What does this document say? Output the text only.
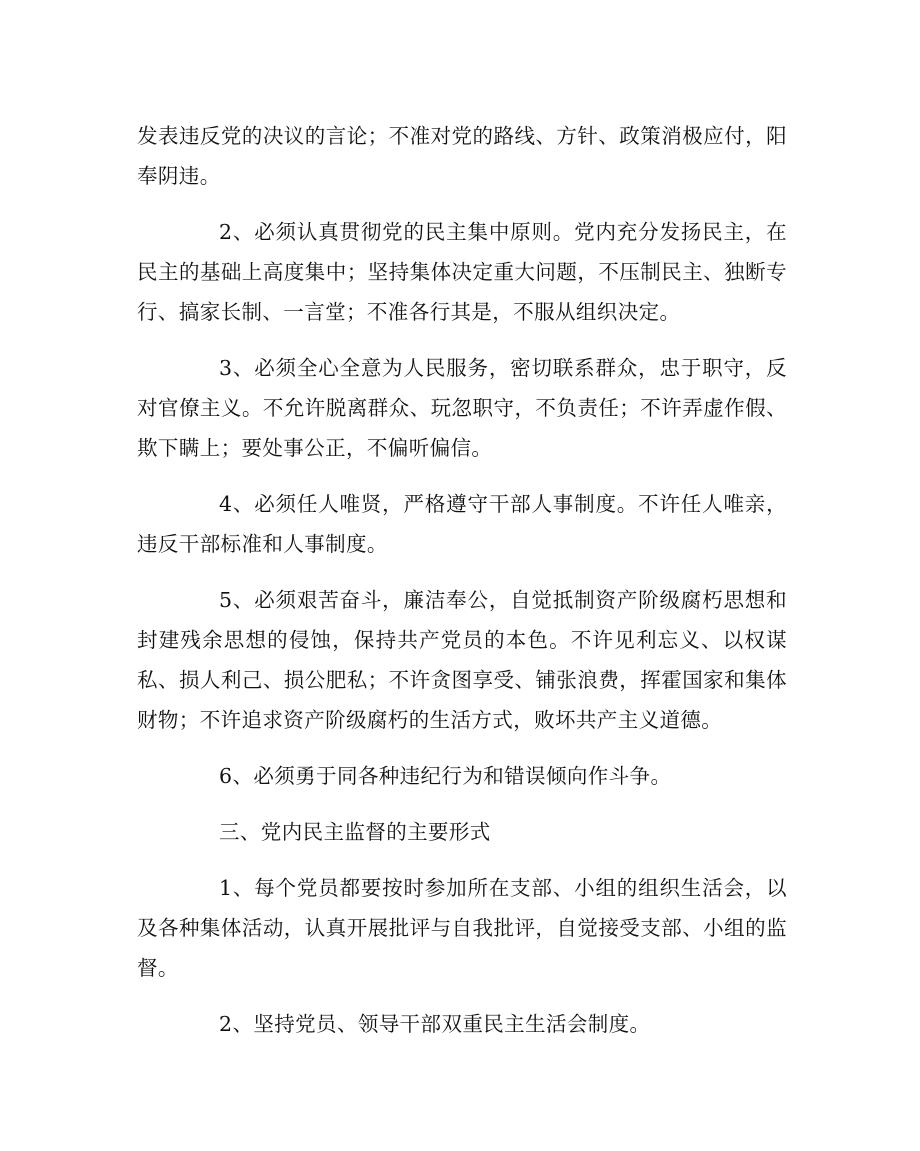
发表违反党的决议的言论；不准对党的路线、方针、政策消极应付，阳奉阴违。

2、必须认真贯彻党的民主集中原则。党内充分发扬民主，在民主的基础上高度集中；坚持集体决定重大问题，不压制民主、独断专行、搞家长制、一言堂；不准各行其是，不服从组织决定。

3、必须全心全意为人民服务，密切联系群众，忠于职守，反对官僚主义。不允许脱离群众、玩忽职守，不负责任；不许弄虚作假、欺下瞒上；要处事公正，不偏听偏信。

4、必须任人唯贤，严格遵守干部人事制度。不许任人唯亲，违反干部标准和人事制度。

5、必须艰苦奋斗，廉洁奉公，自觉抵制资产阶级腐朽思想和封建残余思想的侵蚀，保持共产党员的本色。不许见利忘义、以权谋私、损人利己、损公肥私；不许贪图享受、铺张浪费，挥霍国家和集体财物；不许追求资产阶级腐朽的生活方式，败坏共产主义道德。

6、必须勇于同各种违纪行为和错误倾向作斗争。

三、党内民主监督的主要形式

1、每个党员都要按时参加所在支部、小组的组织生活会，以及各种集体活动，认真开展批评与自我批评，自觉接受支部、小组的监督。

2、坚持党员、领导干部双重民主生活会制度。
